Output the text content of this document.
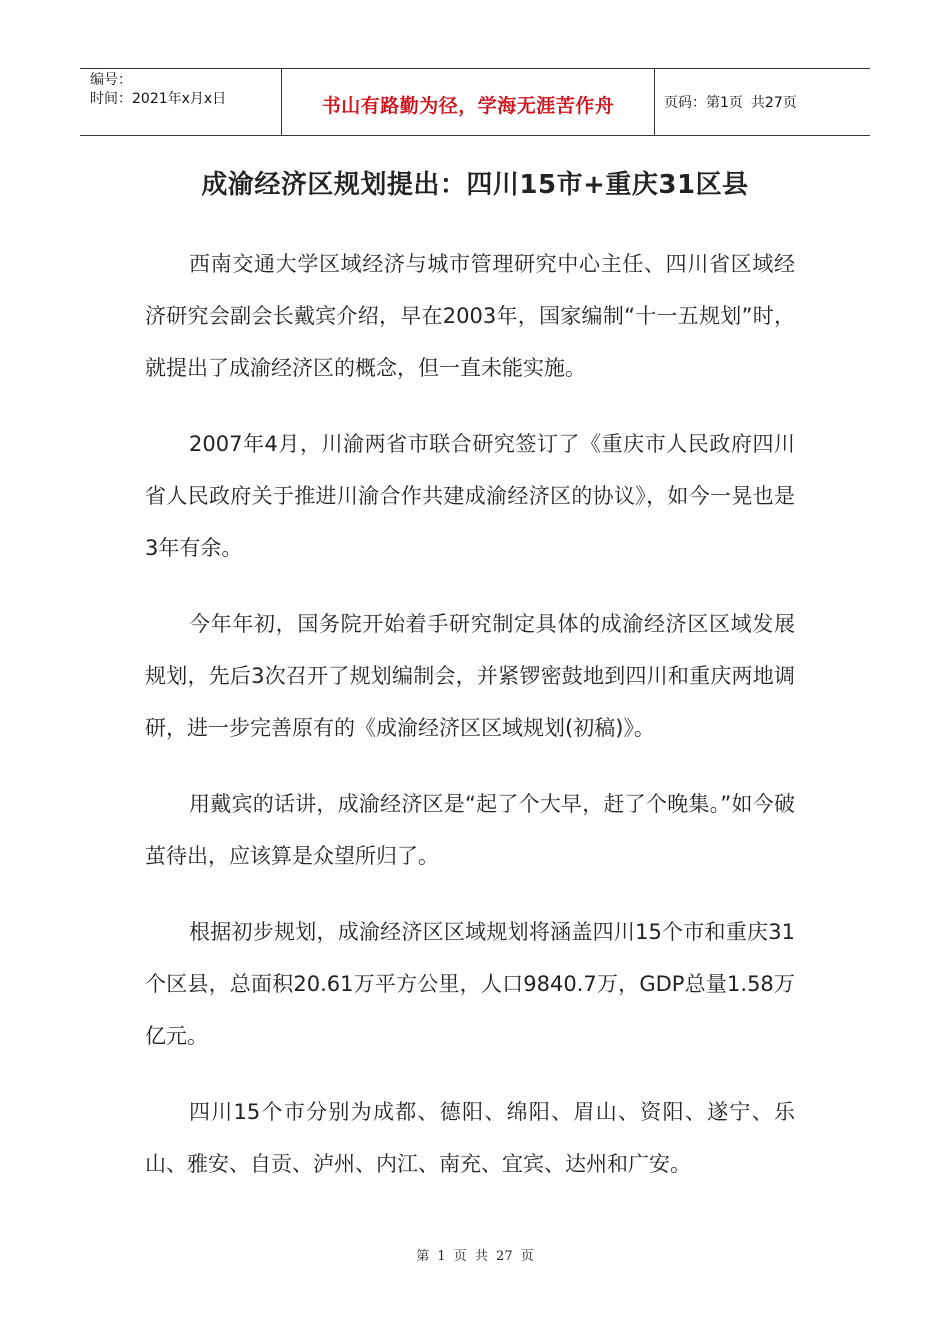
编号：
时间：2021年x月x日	书山有路勤为径，学海无涯苦作舟	页码：第1页 共27页
成渝经济区规划提出：四川15市+重庆31区县

西南交通大学区域经济与城市管理研究中心主任、四川省区域经济研究会副会长戴宾介绍，早在2003年，国家编制“十一五规划”时，就提出了成渝经济区的概念，但一直未能实施。

2007年4月，川渝两省市联合研究签订了《重庆市人民政府四川省人民政府关于推进川渝合作共建成渝经济区的协议》，如今一晃也是3年有余。

今年年初，国务院开始着手研究制定具体的成渝经济区区域发展规划，先后3次召开了规划编制会，并紧锣密鼓地到四川和重庆两地调研，进一步完善原有的《成渝经济区区域规划(初稿)》。

用戴宾的话讲，成渝经济区是“起了个大早，赶了个晚集。”如今破茧待出，应该算是众望所归了。

根据初步规划，成渝经济区区域规划将涵盖四川15个市和重庆31个区县，总面积20.61万平方公里，人口9840.7万，GDP总量1.58万亿元。

四川15个市分别为成都、德阳、绵阳、眉山、资阳、遂宁、乐山、雅安、自贡、泸州、内江、南充、宜宾、达州和广安。

第 1 页 共 27 页
